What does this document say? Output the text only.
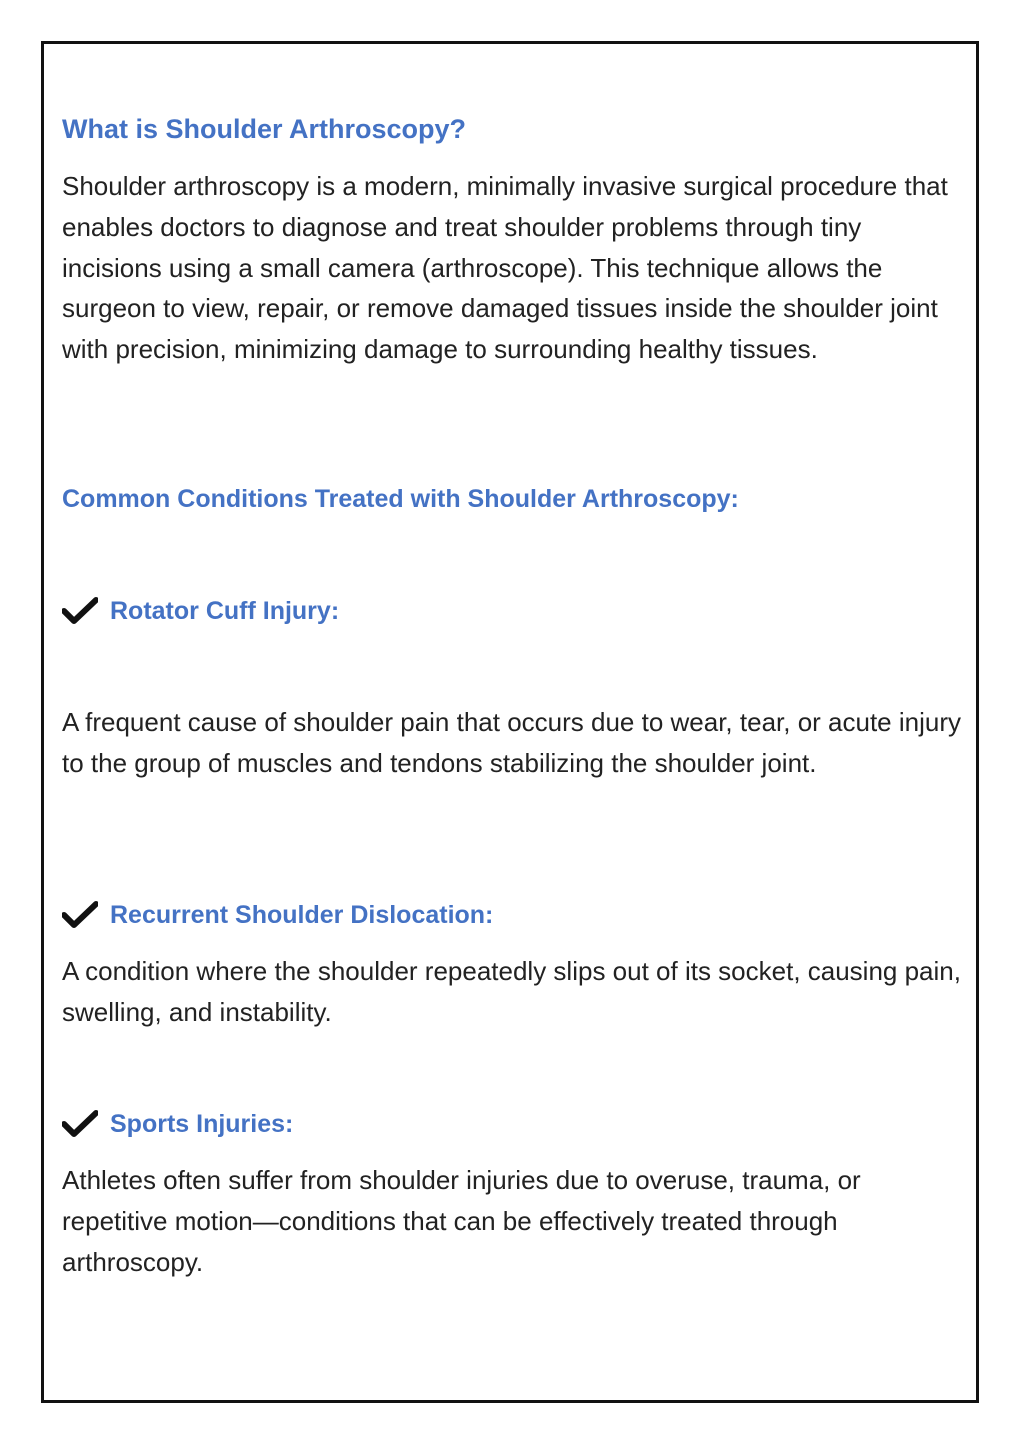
What is Shoulder Arthroscopy?

Shoulder arthroscopy is a modern, minimally invasive surgical procedure that enables doctors to diagnose and treat shoulder problems through tiny incisions using a small camera (arthroscope). This technique allows the surgeon to view, repair, or remove damaged tissues inside the shoulder joint with precision, minimizing damage to surrounding healthy tissues.

Common Conditions Treated with Shoulder Arthroscopy:
Rotator Cuff Injury:

A frequent cause of shoulder pain that occurs due to wear, tear, or acute injury to the group of muscles and tendons stabilizing the shoulder joint.

Recurrent Shoulder Dislocation:

A condition where the shoulder repeatedly slips out of its socket, causing pain, swelling, and instability.

Sports Injuries:

Athletes often suffer from shoulder injuries due to overuse, trauma, or repetitive motion—conditions that can be effectively treated through arthroscopy.
